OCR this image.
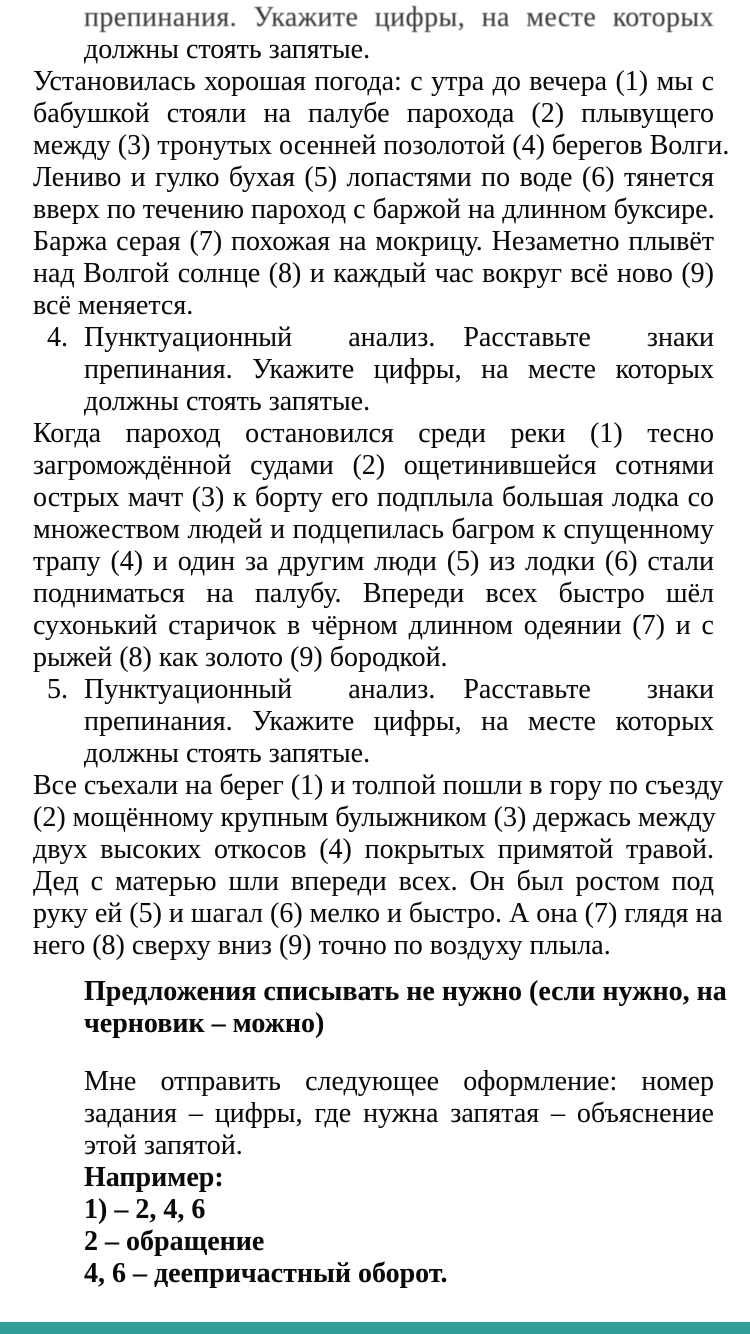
препинания. Укажите цифры, на месте которых
должны стоять запятые.
Установилась хорошая погода: с утра до вечера (1) мы с
бабушкой стояли на палубе парохода (2) плывущего
между (3) тронутых осенней позолотой (4) берегов Волги.
Лениво и гулко бухая (5) лопастями по воде (6) тянется
вверх по течению пароход с баржой на длинном буксире.
Баржа серая (7) похожая на мокрицу. Незаметно плывёт
над Волгой солнце (8) и каждый час вокруг всё ново (9)
всё меняется.
4. Пунктуационный анализ. Расставьте знаки
препинания. Укажите цифры, на месте которых
должны стоять запятые.
Когда пароход остановился среди реки (1) тесно
загромождённой судами (2) ощетинившейся сотнями
острых мачт (3) к борту его подплыла большая лодка со
множеством людей и подцепилась багром к спущенному
трапу (4) и один за другим люди (5) из лодки (6) стали
подниматься на палубу. Впереди всех быстро шёл
сухонький старичок в чёрном длинном одеянии (7) и с
рыжей (8) как золото (9) бородкой.
5. Пунктуационный анализ. Расставьте знаки
препинания. Укажите цифры, на месте которых
должны стоять запятые.
Все съехали на берег (1) и толпой пошли в гору по съезду
(2) мощённому крупным булыжником (3) держась между
двух высоких откосов (4) покрытых примятой травой.
Дед с матерью шли впереди всех. Он был ростом под
руку ей (5) и шагал (6) мелко и быстро. А она (7) глядя на
него (8) сверху вниз (9) точно по воздуху плыла.
Предложения списывать не нужно (если нужно, на
черновик – можно)
Мне отправить следующее оформление: номер
задания – цифры, где нужна запятая – объяснение
этой запятой.
Например:
1) – 2, 4, 6
2 – обращение
4, 6 – деепричастный оборот.
